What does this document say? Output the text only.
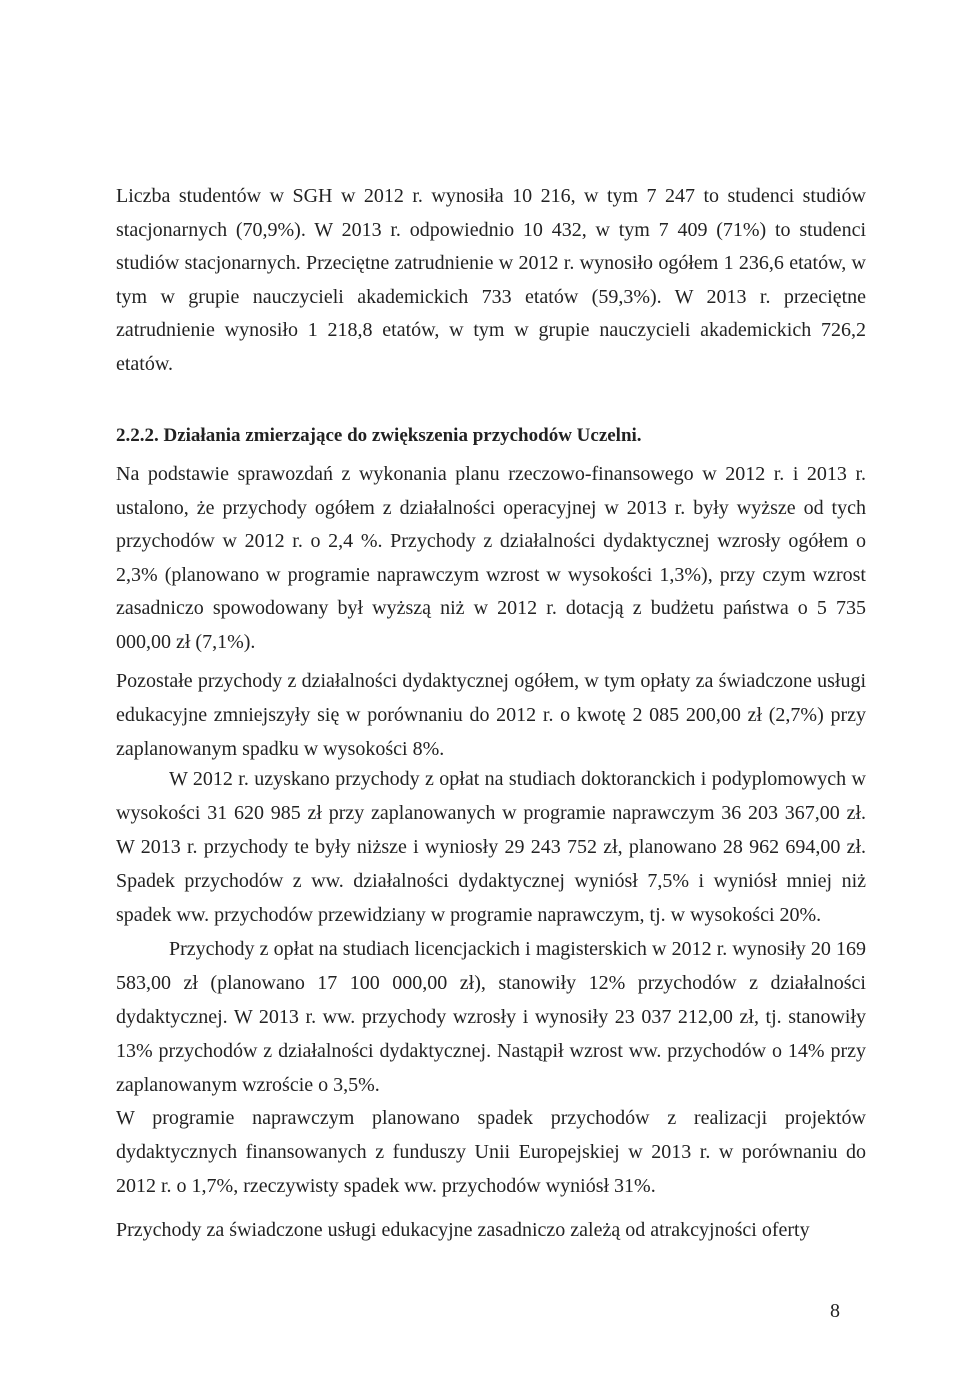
Liczba studentów w SGH w 2012 r. wynosiła 10 216, w tym 7 247 to studenci studiów stacjonarnych (70,9%). W 2013 r. odpowiednio 10 432, w tym 7 409 (71%) to studenci studiów stacjonarnych. Przeciętne zatrudnienie w 2012 r. wynosiło ogółem 1 236,6 etatów, w tym w grupie nauczycieli akademickich 733 etatów (59,3%). W 2013 r. przeciętne zatrudnienie wynosiło 1 218,8 etatów, w tym w grupie nauczycieli akademickich 726,2 etatów.

2.2.2. Działania zmierzające do zwiększenia przychodów Uczelni.

Na podstawie sprawozdań z wykonania planu rzeczowo-finansowego w 2012 r. i 2013 r. ustalono, że przychody ogółem z działalności operacyjnej w 2013 r. były wyższe od tych przychodów w 2012 r. o 2,4 %. Przychody z działalności dydaktycznej wzrosły ogółem o 2,3% (planowano w programie naprawczym wzrost w wysokości 1,3%), przy czym wzrost zasadniczo spowodowany był wyższą niż w 2012 r. dotacją z budżetu państwa o 5 735 000,00 zł (7,1%).

Pozostałe przychody z działalności dydaktycznej ogółem, w tym opłaty za świadczone usługi edukacyjne zmniejszyły się w porównaniu do 2012 r. o kwotę 2 085 200,00 zł (2,7%) przy zaplanowanym spadku w wysokości 8%.

W 2012 r. uzyskano przychody z opłat na studiach doktoranckich i podyplomowych w wysokości 31 620 985 zł przy zaplanowanych w programie naprawczym 36 203 367,00 zł. W 2013 r. przychody te były niższe i wyniosły 29 243 752 zł, planowano 28 962 694,00 zł. Spadek przychodów z ww. działalności dydaktycznej wyniósł 7,5% i wyniósł mniej niż spadek ww. przychodów przewidziany w programie naprawczym, tj. w wysokości 20%.

Przychody z opłat na studiach licencjackich i magisterskich w 2012 r. wynosiły 20 169 583,00 zł (planowano 17 100 000,00 zł), stanowiły 12% przychodów z działalności dydaktycznej. W 2013 r. ww. przychody wzrosły i wynosiły 23 037 212,00 zł, tj. stanowiły 13% przychodów z działalności dydaktycznej. Nastąpił wzrost ww. przychodów o 14% przy zaplanowanym wzroście o 3,5%.

W programie naprawczym planowano spadek przychodów z realizacji projektów dydaktycznych finansowanych z funduszy Unii Europejskiej w 2013 r. w porównaniu do 2012 r. o 1,7%, rzeczywisty spadek ww. przychodów wyniósł 31%.

Przychody za świadczone usługi edukacyjne zasadniczo zależą od atrakcyjności oferty

8
